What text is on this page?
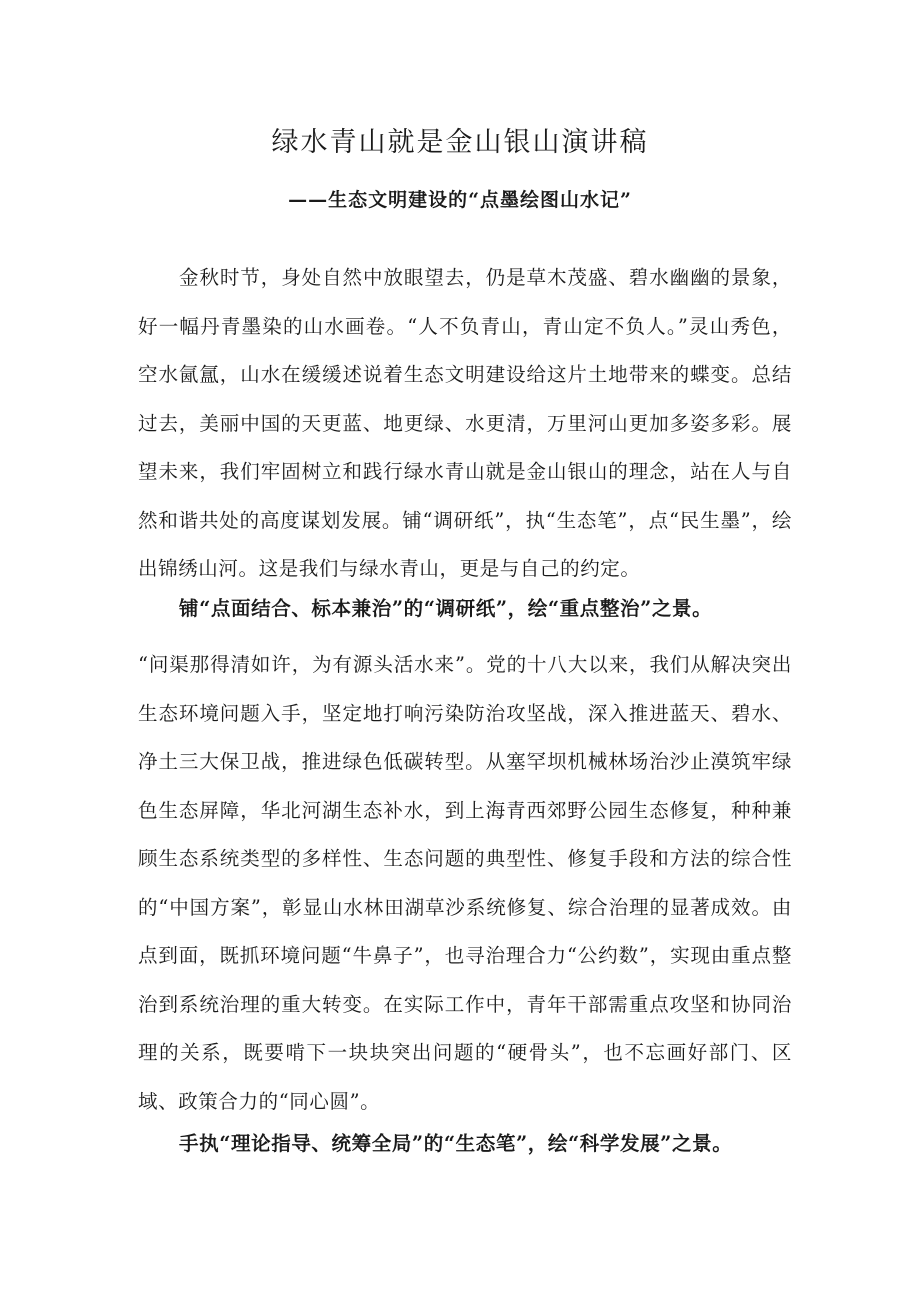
绿水青山就是金山银山演讲稿
——生态文明建设的“点墨绘图山水记”

金秋时节，身处自然中放眼望去，仍是草木茂盛、碧水幽幽的景象，好一幅丹青墨染的山水画卷。“人不负青山，青山定不负人。”灵山秀色，空水氤氲，山水在缓缓述说着生态文明建设给这片土地带来的蝶变。总结过去，美丽中国的天更蓝、地更绿、水更清，万里河山更加多姿多彩。展望未来，我们牢固树立和践行绿水青山就是金山银山的理念，站在人与自然和谐共处的高度谋划发展。铺“调研纸”，执“生态笔”，点“民生墨”，绘出锦绣山河。这是我们与绿水青山，更是与自己的约定。

铺“点面结合、标本兼治”的“调研纸”，绘“重点整治”之景。

“问渠那得清如许，为有源头活水来”。党的十八大以来，我们从解决突出生态环境问题入手，坚定地打响污染防治攻坚战，深入推进蓝天、碧水、净土三大保卫战，推进绿色低碳转型。从塞罕坝机械林场治沙止漠筑牢绿色生态屏障，华北河湖生态补水，到上海青西郊野公园生态修复，种种兼顾生态系统类型的多样性、生态问题的典型性、修复手段和方法的综合性的“中国方案”，彰显山水林田湖草沙系统修复、综合治理的显著成效。由点到面，既抓环境问题“牛鼻子”，也寻治理合力“公约数”，实现由重点整治到系统治理的重大转变。在实际工作中，青年干部需重点攻坚和协同治理的关系，既要啃下一块块突出问题的“硬骨头”，也不忘画好部门、区域、政策合力的“同心圆”。

手执“理论指导、统筹全局”的“生态笔”，绘“科学发展”之景。
